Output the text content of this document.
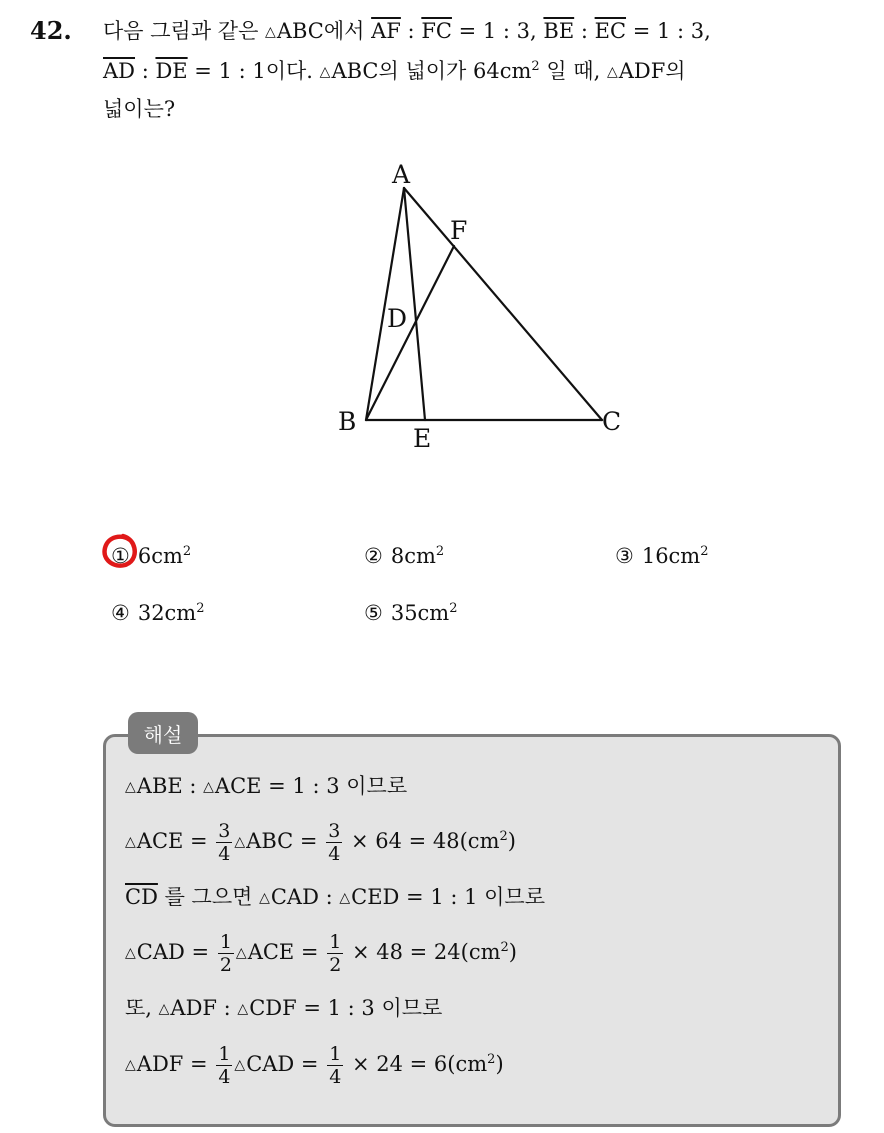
42. 다음 그림과 같은 △ABC에서 $\overline{AF}$ : $\overline{FC} = 1$ : 3, $\overline{BE}$ : $\overline{EC} = 1$ : 3,
$\overline{AD}$ : $\overline{DE} = 1$ : 1이다. △ABC의 넓이가 $64cm^2$ 일 때, △ADF의
넓이는?
A
B	C
D
E
F
① $6cm^2$	② $8cm^2$	③ $16cm^2$
④ $32cm^2$	⑤ $35cm^2$
해설
△ABE : △ACE = 1 : 3 이므로
△ACE = $\frac{3}{4}$ △ABC = $\frac{3}{4} \times 64 = 48(cm^2)$
$\overline{CD}$ 를 그으면 △CAD : △CED = 1 : 1 이므로
△CAD = $\frac{1}{2}$ △ACE = $\frac{1}{2} \times 48 = 24(cm^2)$
또, △ADF : △CDF = 1 : 3 이므로
△ADF = $\frac{1}{4}$ △CAD = $\frac{1}{4} \times 24 = 6(cm^2)$
